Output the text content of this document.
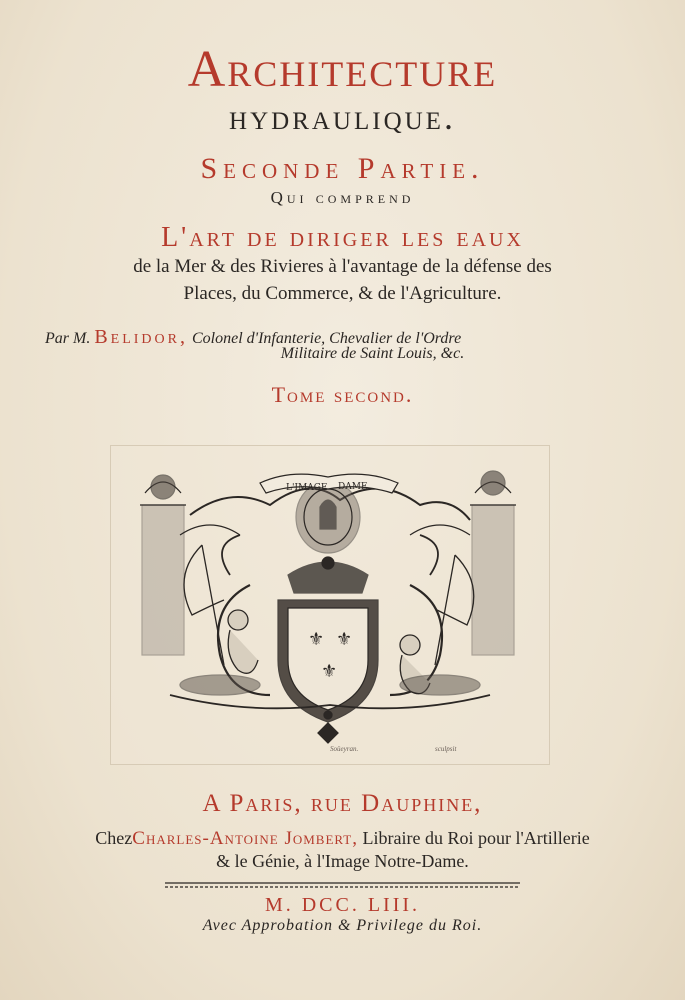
Architecture
hydraulique.
Seconde Partie.
Qui comprend
L'art de diriger les eaux
de la Mer & des Rivieres à l'avantage de la défense des
Places, du Commerce, & de l'Agriculture.
Par M. Belidor, Colonel d'Infanterie, Chevalier de l'Ordre
Militaire de Saint Louis, &c.
Tome second.
⚜ ⚜
⚜
L'IMAGE DAME
Soüeyran.	sculpsit
A Paris, rue Dauphine,
ChezCharles-Antoine Jombert, Libraire du Roi pour l'Artillerie
& le Génie, à l'Image Notre-Dame.
M. DCC. LIII.
Avec Approbation & Privilege du Roi.
